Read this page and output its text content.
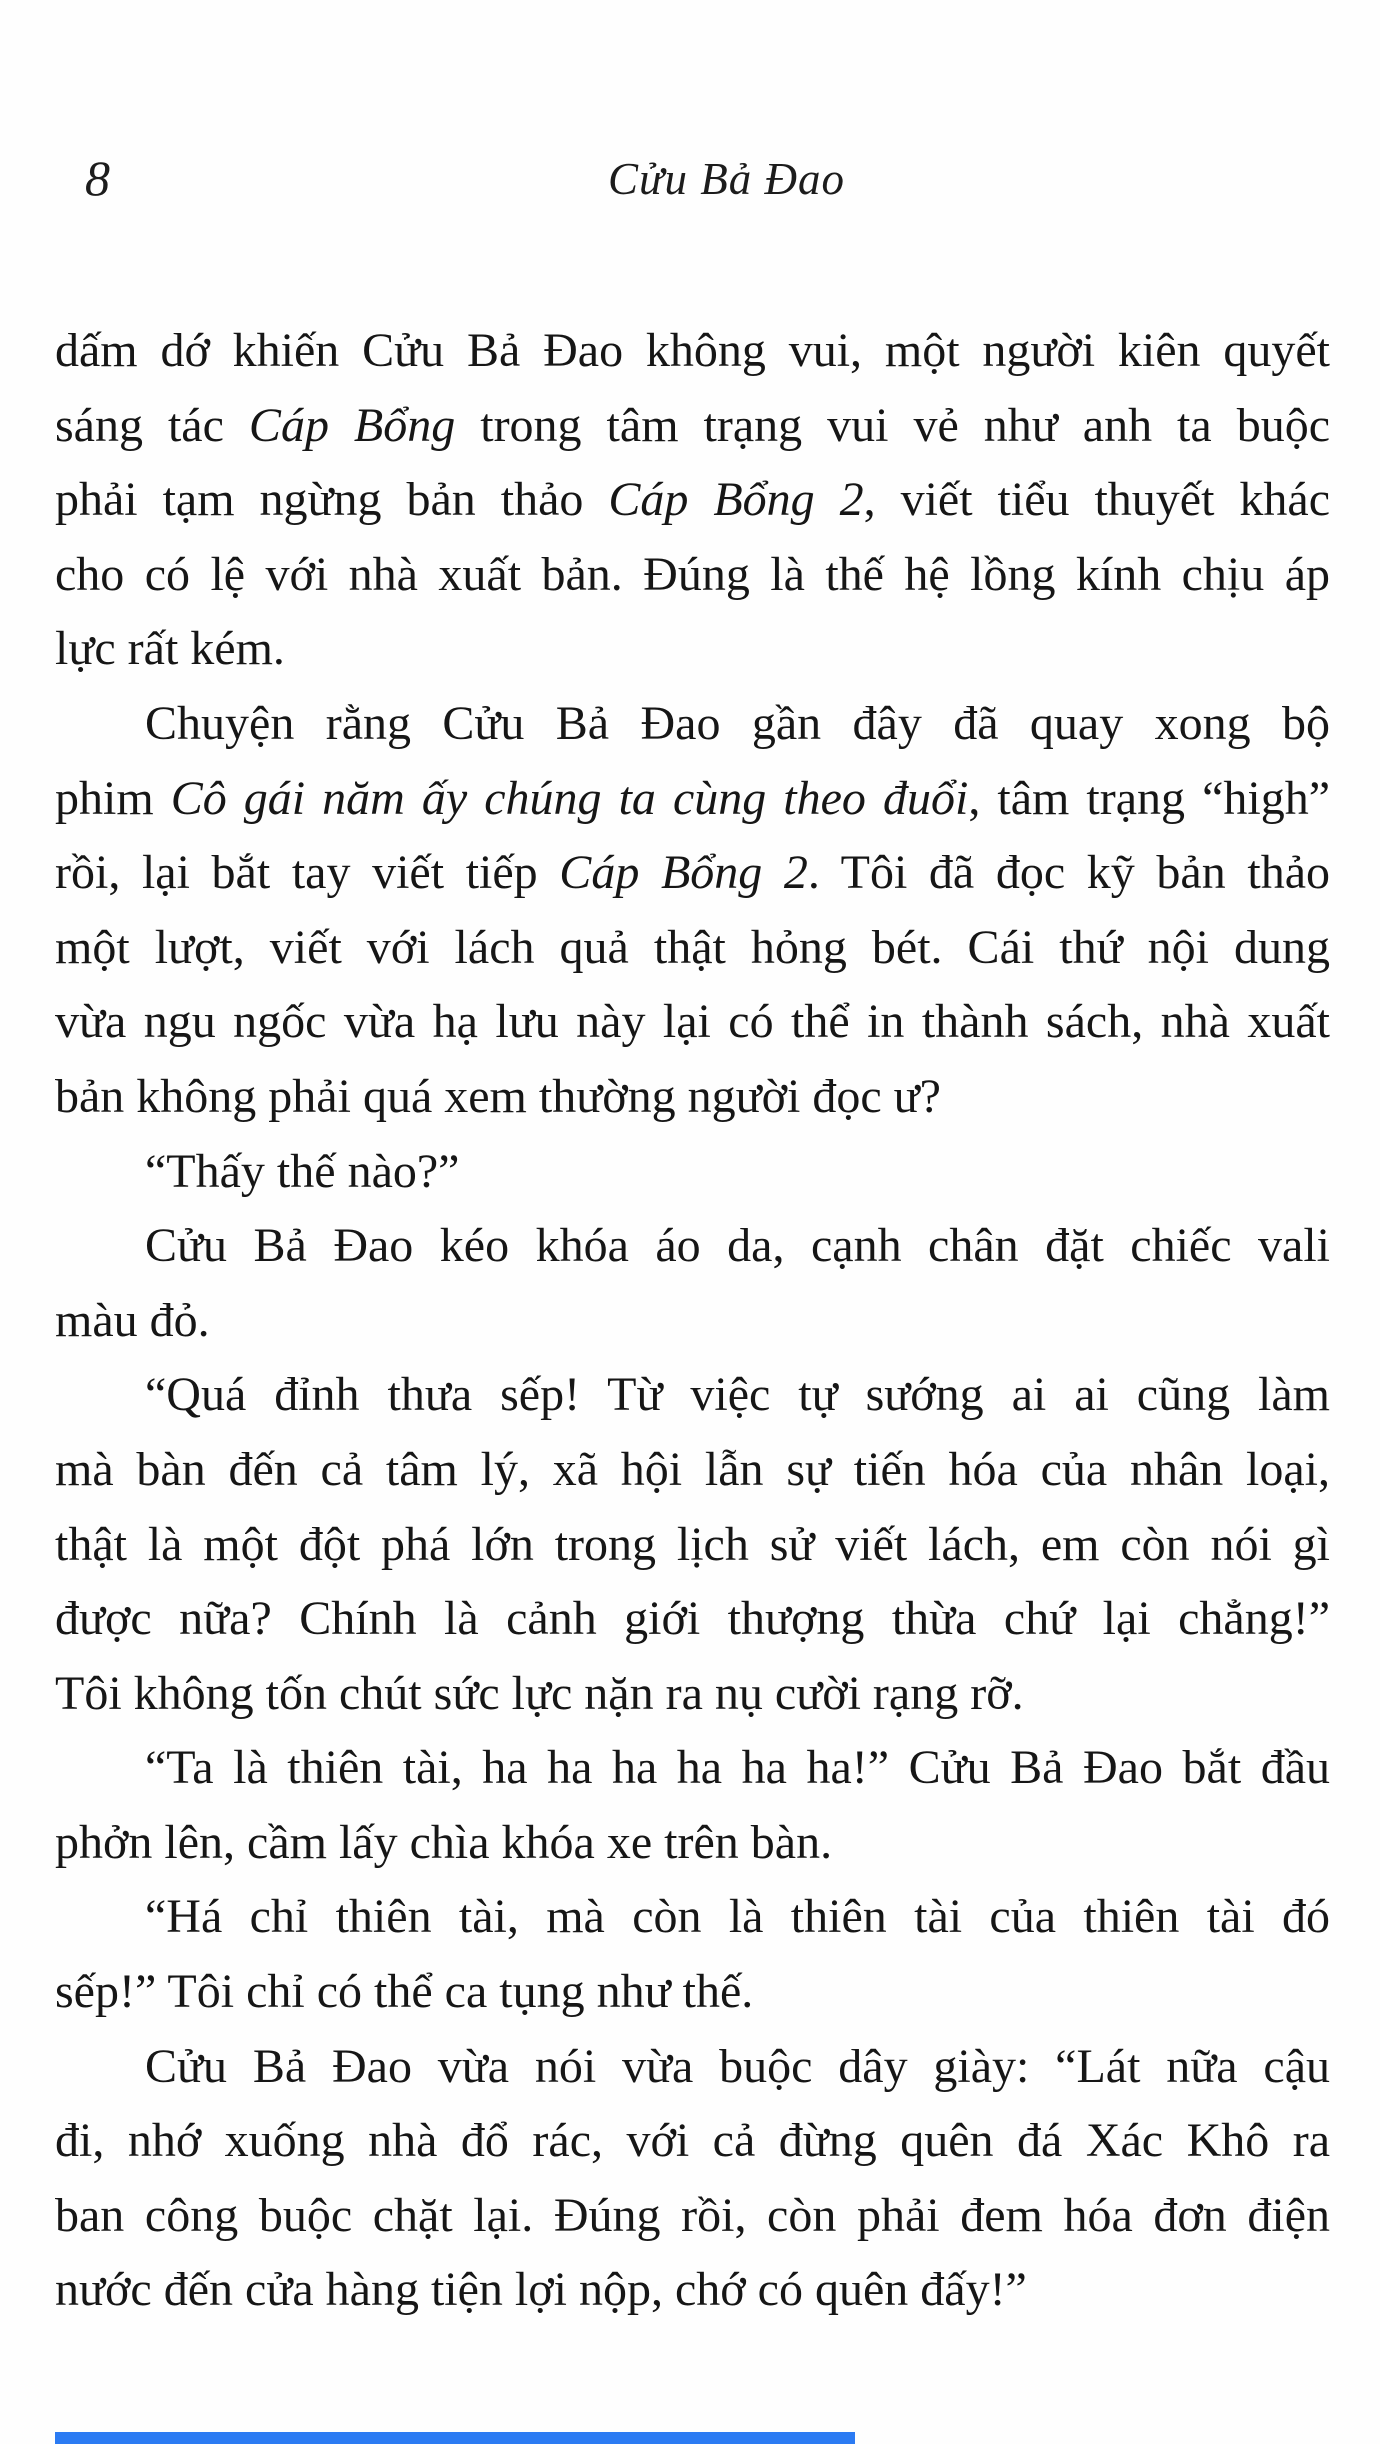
8	Cửu Bả Đao
dấm dớ khiến Cửu Bả Đao không vui, một người kiên quyết
sáng tác Cáp Bổng trong tâm trạng vui vẻ như anh ta buộc
phải tạm ngừng bản thảo Cáp Bổng 2, viết tiểu thuyết khác
cho có lệ với nhà xuất bản. Đúng là thế hệ lồng kính chịu áp
lực rất kém.
Chuyện rằng Cửu Bả Đao gần đây đã quay xong bộ
phim Cô gái năm ấy chúng ta cùng theo đuổi, tâm trạng “high”
rồi, lại bắt tay viết tiếp Cáp Bổng 2. Tôi đã đọc kỹ bản thảo
một lượt, viết với lách quả thật hỏng bét. Cái thứ nội dung
vừa ngu ngốc vừa hạ lưu này lại có thể in thành sách, nhà xuất
bản không phải quá xem thường người đọc ư?
“Thấy thế nào?”
Cửu Bả Đao kéo khóa áo da, cạnh chân đặt chiếc vali
màu đỏ.
“Quá đỉnh thưa sếp! Từ việc tự sướng ai ai cũng làm
mà bàn đến cả tâm lý, xã hội lẫn sự tiến hóa của nhân loại,
thật là một đột phá lớn trong lịch sử viết lách, em còn nói gì
được nữa? Chính là cảnh giới thượng thừa chứ lại chẳng!”
Tôi không tốn chút sức lực nặn ra nụ cười rạng rỡ.
“Ta là thiên tài, ha ha ha ha ha ha!” Cửu Bả Đao bắt đầu
phởn lên, cầm lấy chìa khóa xe trên bàn.
“Há chỉ thiên tài, mà còn là thiên tài của thiên tài đó
sếp!” Tôi chỉ có thể ca tụng như thế.
Cửu Bả Đao vừa nói vừa buộc dây giày: “Lát nữa cậu
đi, nhớ xuống nhà đổ rác, với cả đừng quên đá Xác Khô ra
ban công buộc chặt lại. Đúng rồi, còn phải đem hóa đơn điện
nước đến cửa hàng tiện lợi nộp, chớ có quên đấy!”
